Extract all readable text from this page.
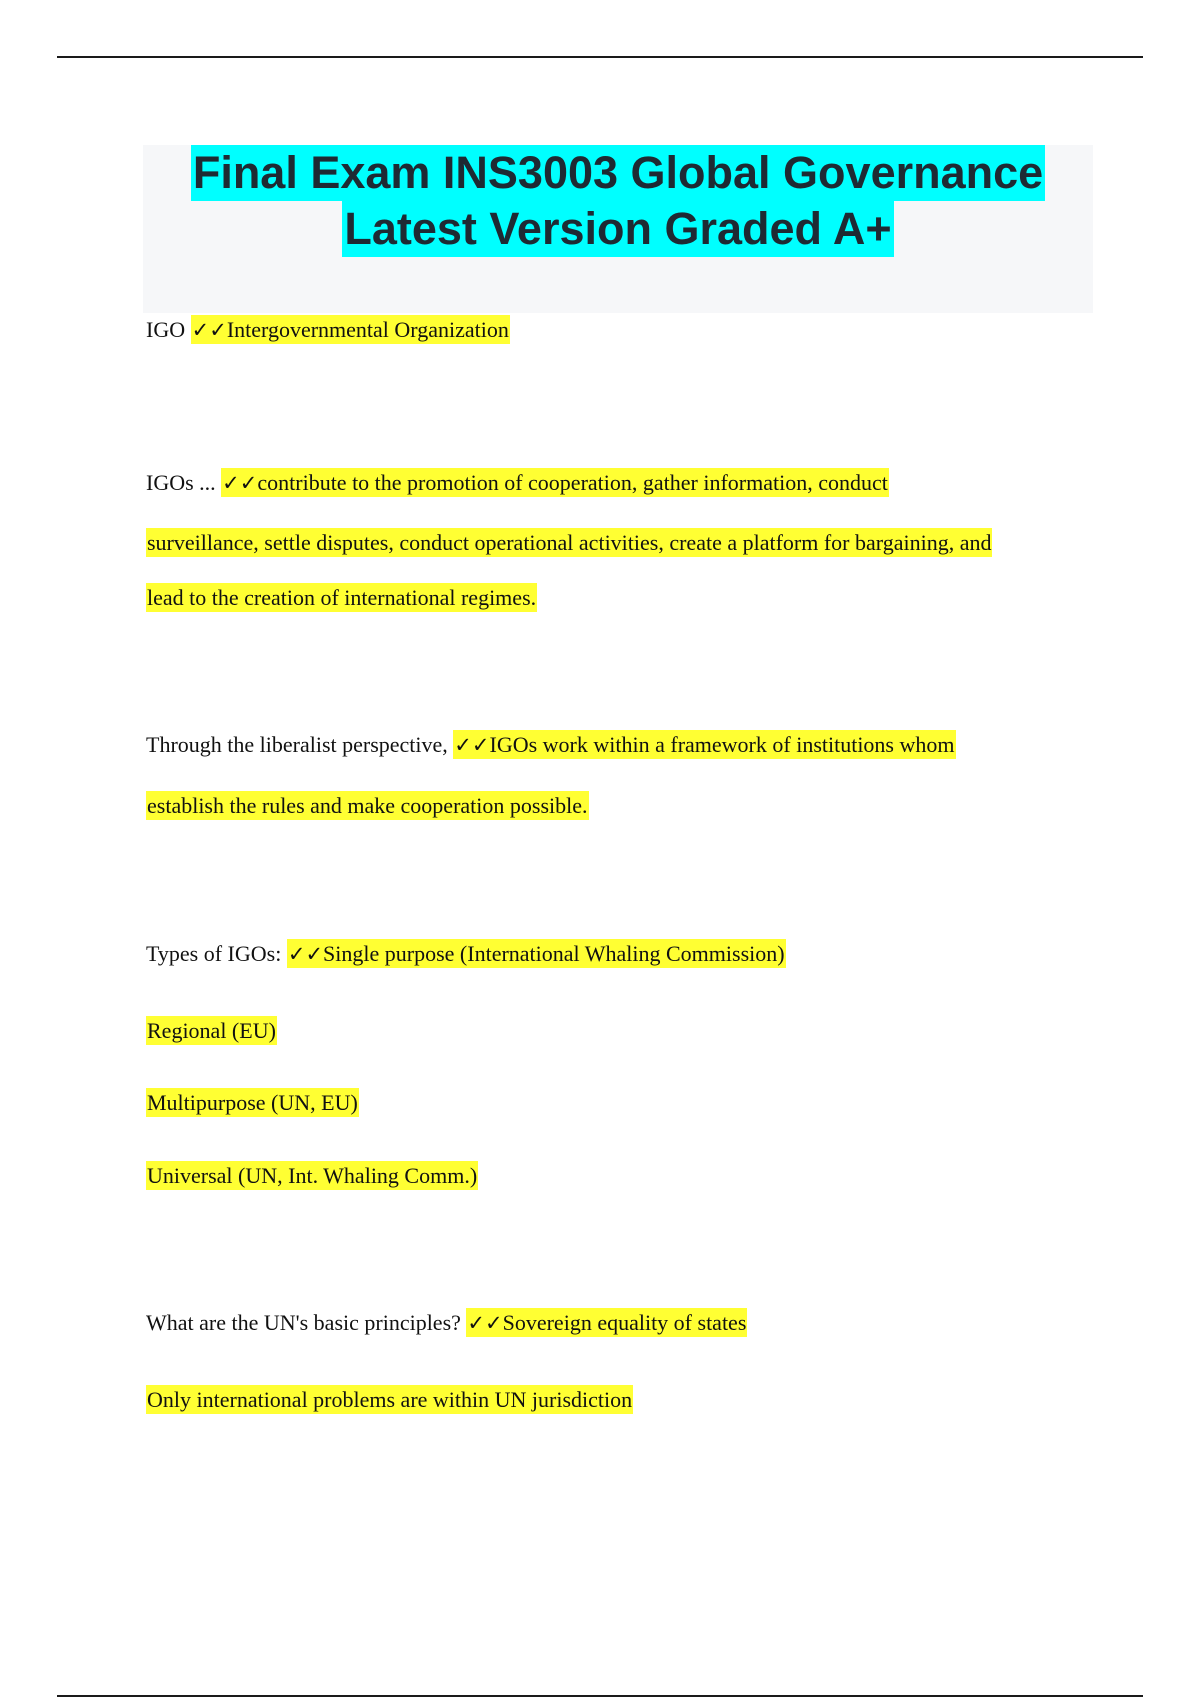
Final Exam INS3003 Global Governance
Latest Version Graded A+
IGO ✓✓Intergovernmental Organization
IGOs ... ✓✓contribute to the promotion of cooperation, gather information, conduct
surveillance, settle disputes, conduct operational activities, create a platform for bargaining, and
lead to the creation of international regimes.
Through the liberalist perspective, ✓✓IGOs work within a framework of institutions whom
establish the rules and make cooperation possible.
Types of IGOs: ✓✓Single purpose (International Whaling Commission)
Regional (EU)
Multipurpose (UN, EU)
Universal (UN, Int. Whaling Comm.)
What are the UN's basic principles? ✓✓Sovereign equality of states
Only international problems are within UN jurisdiction
